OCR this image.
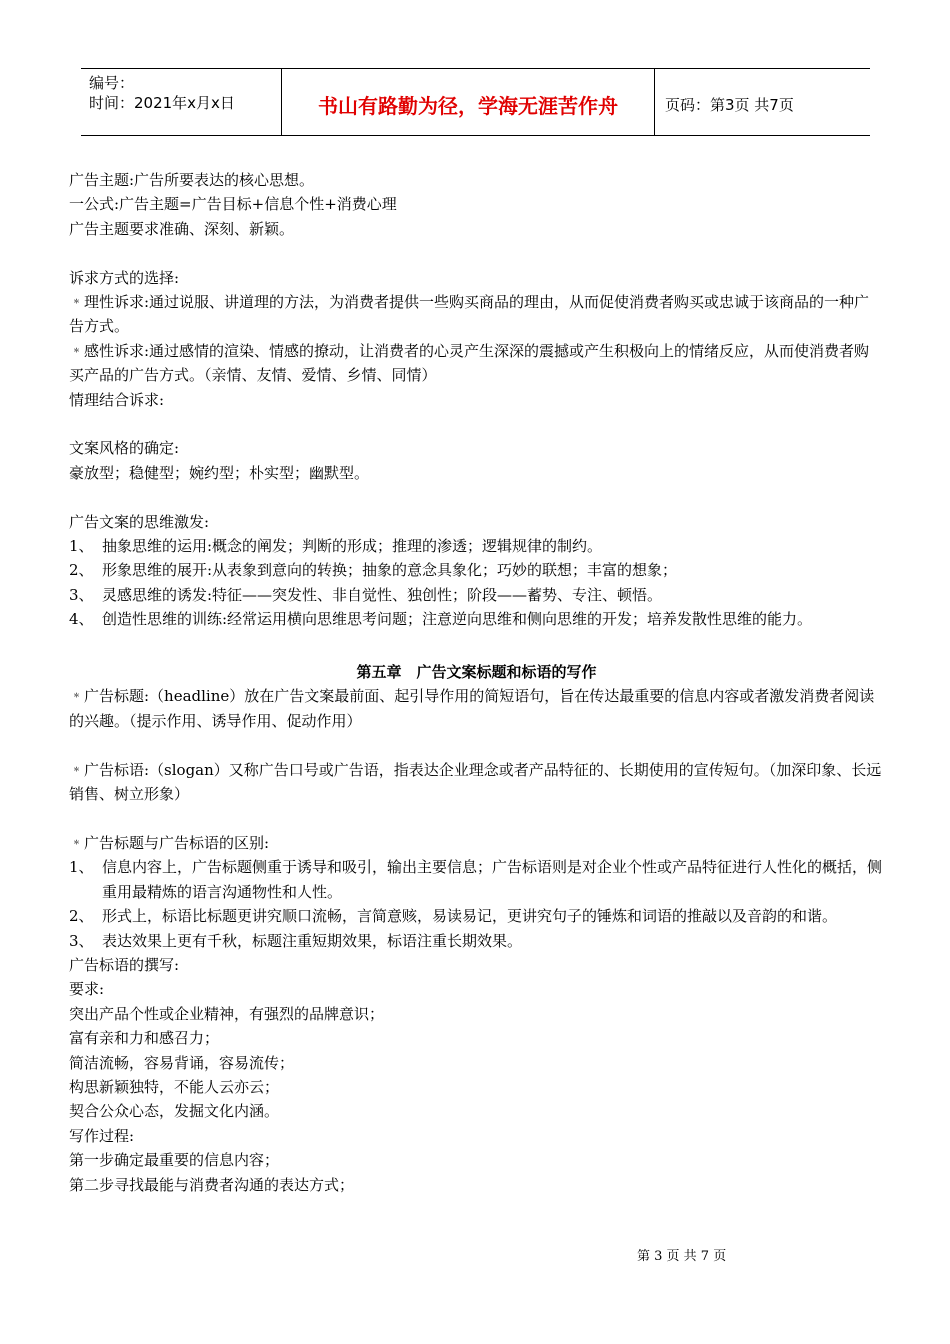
编号：
时间：2021年x月x日	书山有路勤为径，学海无涯苦作舟	页码：第3页 共7页

广告主题:广告所要表达的核心思想。

一公式:广告主题=广告目标+信息个性+消费心理

广告主题要求准确、深刻、新颖。

诉求方式的选择:

﹡理性诉求:通过说服、讲道理的方法，为消费者提供一些购买商品的理由，从而促使消费者购买或忠诚于该商品的一种广告方式。

﹡感性诉求:通过感情的渲染、情感的撩动，让消费者的心灵产生深深的震撼或产生积极向上的情绪反应，从而使消费者购买产品的广告方式。（亲情、友情、爱情、乡情、同情）

情理结合诉求:

文案风格的确定:

豪放型；稳健型；婉约型；朴实型；幽默型。

广告文案的思维激发:

1、 抽象思维的运用:概念的阐发；判断的形成；推理的渗透；逻辑规律的制约。
2、 形象思维的展开:从表象到意向的转换；抽象的意念具象化；巧妙的联想；丰富的想象；
3、 灵感思维的诱发:特征——突发性、非自觉性、独创性；阶段——蓄势、专注、顿悟。
4、 创造性思维的训练:经常运用横向思维思考问题；注意逆向思维和侧向思维的开发；培养发散性思维的能力。

第五章　广告文案标题和标语的写作

﹡广告标题:（headline）放在广告文案最前面、起引导作用的简短语句，旨在传达最重要的信息内容或者激发消费者阅读的兴趣。（提示作用、诱导作用、促动作用）

﹡广告标语:（slogan）又称广告口号或广告语，指表达企业理念或者产品特征的、长期使用的宣传短句。（加深印象、长远销售、树立形象）

﹡广告标题与广告标语的区别:

1、 信息内容上，广告标题侧重于诱导和吸引，输出主要信息；广告标语则是对企业个性或产品特征进行人性化的概括，侧重用最精炼的语言沟通物性和人性。
2、 形式上，标语比标题更讲究顺口流畅，言简意赅，易读易记，更讲究句子的锤炼和词语的推敲以及音韵的和谐。
3、 表达效果上更有千秋，标题注重短期效果，标语注重长期效果。

广告标语的撰写:

要求:

突出产品个性或企业精神，有强烈的品牌意识；

富有亲和力和感召力；

简洁流畅，容易背诵，容易流传；

构思新颖独特，不能人云亦云；

契合公众心态，发掘文化内涵。

写作过程:

第一步确定最重要的信息内容；

第二步寻找最能与消费者沟通的表达方式；

第 3 页 共 7 页
